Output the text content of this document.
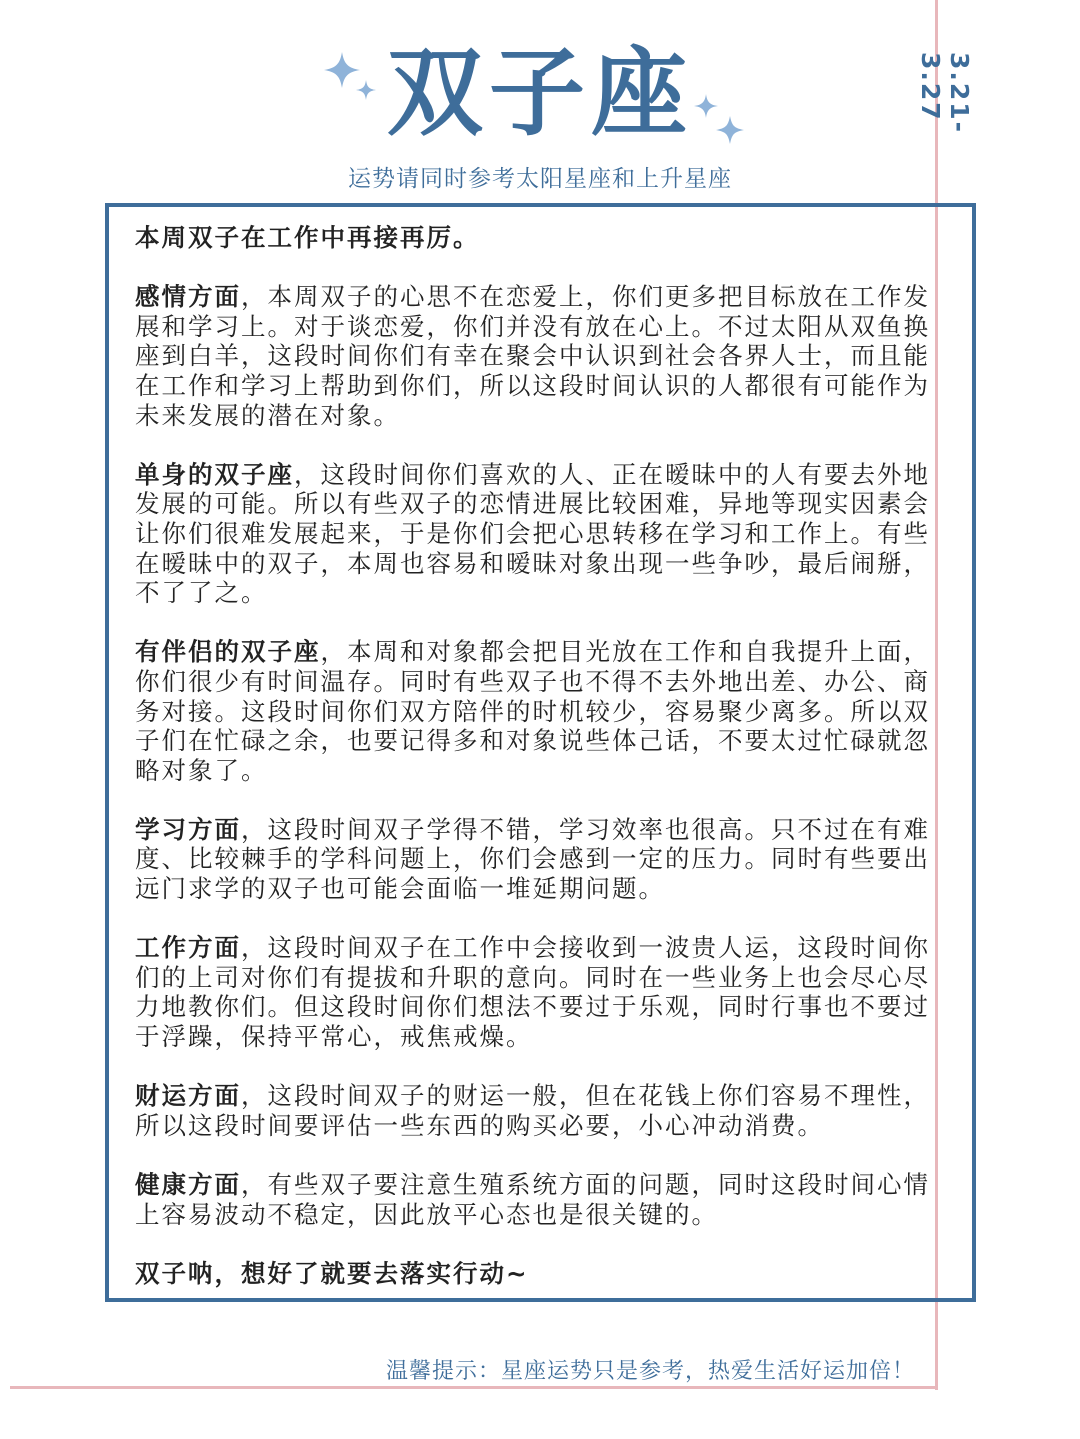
双子座
运势请同时参考太阳星座和上升星座
3.21-3.27

本周双子在工作中再接再厉。

感情方面，本周双子的心思不在恋爱上，你们更多把目标放在工作发展和学习上。对于谈恋爱，你们并没有放在心上。不过太阳从双鱼换座到白羊，这段时间你们有幸在聚会中认识到社会各界人士，而且能在工作和学习上帮助到你们，所以这段时间认识的人都很有可能作为未来发展的潜在对象。

单身的双子座，这段时间你们喜欢的人、正在暧昧中的人有要去外地发展的可能。所以有些双子的恋情进展比较困难，异地等现实因素会让你们很难发展起来，于是你们会把心思转移在学习和工作上。有些在暧昧中的双子，本周也容易和暧昧对象出现一些争吵，最后闹掰，不了了之。

有伴侣的双子座，本周和对象都会把目光放在工作和自我提升上面，你们很少有时间温存。同时有些双子也不得不去外地出差、办公、商务对接。这段时间你们双方陪伴的时机较少，容易聚少离多。所以双子们在忙碌之余，也要记得多和对象说些体己话，不要太过忙碌就忽略对象了。

学习方面，这段时间双子学得不错，学习效率也很高。只不过在有难度、比较棘手的学科问题上，你们会感到一定的压力。同时有些要出远门求学的双子也可能会面临一堆延期问题。

工作方面，这段时间双子在工作中会接收到一波贵人运，这段时间你们的上司对你们有提拔和升职的意向。同时在一些业务上也会尽心尽力地教你们。但这段时间你们想法不要过于乐观，同时行事也不要过于浮躁，保持平常心，戒焦戒燥。

财运方面，这段时间双子的财运一般，但在花钱上你们容易不理性，所以这段时间要评估一些东西的购买必要，小心冲动消费。

健康方面，有些双子要注意生殖系统方面的问题，同时这段时间心情上容易波动不稳定，因此放平心态也是很关键的。

双子呐，想好了就要去落实行动~

温馨提示：星座运势只是参考，热爱生活好运加倍！
